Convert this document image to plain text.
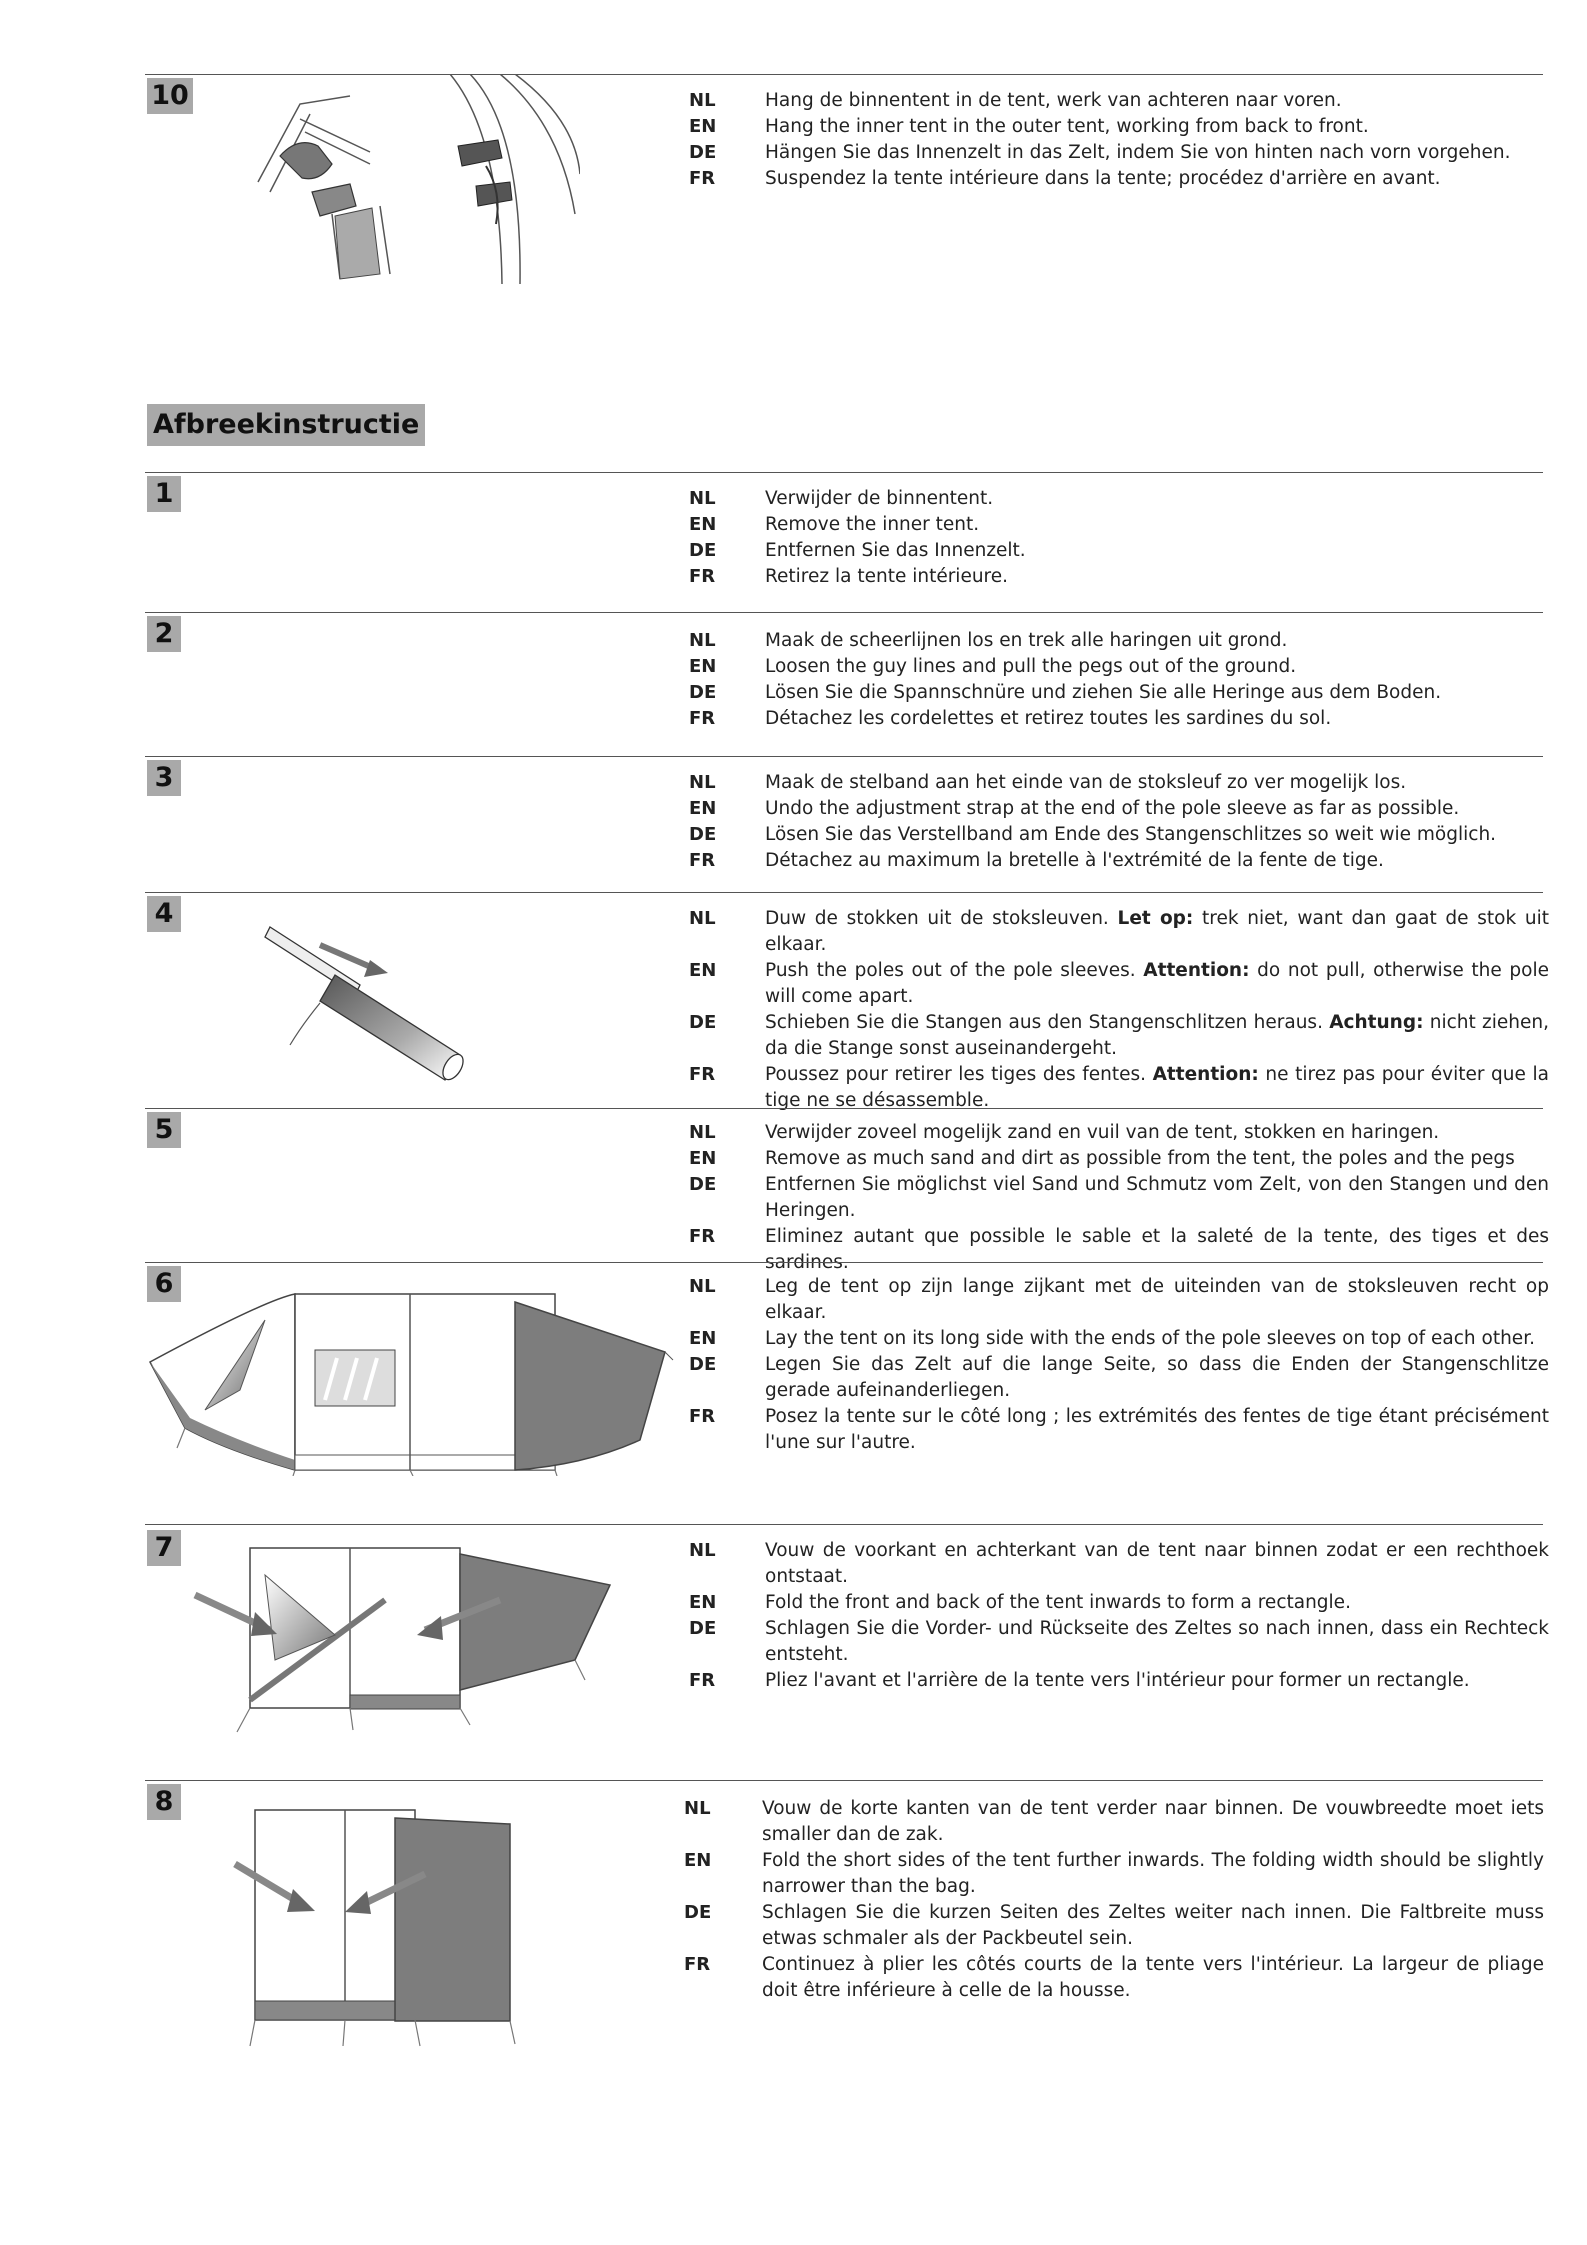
10	NL	Hang de binnentent in de tent, werk van achteren naar voren.
EN	Hang the inner tent in the outer tent, working from back to front.
DE	Hängen Sie das Innenzelt in das Zelt, indem Sie von hinten nach vorn vorgehen.
FR	Suspendez la tente intérieure dans la tente; procédez d'arrière en avant.
Afbreekinstructie
1	NL	Verwijder de binnentent.
EN	Remove the inner tent.
DE	Entfernen Sie das Innenzelt.
FR	Retirez la tente intérieure.
2	NL	Maak de scheerlijnen los en trek alle haringen uit grond.
EN	Loosen the guy lines and pull the pegs out of the ground.
DE	Lösen Sie die Spannschnüre und ziehen Sie alle Heringe aus dem Boden.
FR	Détachez les cordelettes et retirez toutes les sardines du sol.
3	NL	Maak de stelband aan het einde van de stoksleuf zo ver mogelijk los.
EN	Undo the adjustment strap at the end of the pole sleeve as far as possible.
DE	Lösen Sie das Verstellband am Ende des Stangenschlitzes so weit wie möglich.
FR	Détachez au maximum la bretelle à l'extrémité de la fente de tige.
4	NL	Duw de stokken uit de stoksleuven. Let op: trek niet, want dan gaat de stok uit elkaar.
EN	Push the poles out of the pole sleeves. Attention: do not pull, otherwise the pole will come apart.
DE	Schieben Sie die Stangen aus den Stangenschlitzen heraus. Achtung: nicht ziehen, da die Stange sonst auseinandergeht.
FR	Poussez pour retirer les tiges des fentes. Attention: ne tirez pas pour éviter que la tige ne se désassemble.
5	NL	Verwijder zoveel mogelijk zand en vuil van de tent, stokken en haringen.
EN	Remove as much sand and dirt as possible from the tent, the poles and the pegs
DE	Entfernen Sie möglichst viel Sand und Schmutz vom Zelt, von den Stangen und den Heringen.
FR	Eliminez autant que possible le sable et la saleté de la tente, des tiges et des sardines.
6	NL	Leg de tent op zijn lange zijkant met de uiteinden van de stoksleuven recht op elkaar.
EN	Lay the tent on its long side with the ends of the pole sleeves on top of each other.
DE	Legen Sie das Zelt auf die lange Seite, so dass die Enden der Stangenschlitze gerade aufeinanderliegen.
FR	Posez la tente sur le côté long ; les extrémités des fentes de tige étant précisément l'une sur l'autre.
7	NL	Vouw de voorkant en achterkant van de tent naar binnen zodat er een rechthoek ontstaat.
EN	Fold the front and back of the tent inwards to form a rectangle.
DE	Schlagen Sie die Vorder- und Rückseite des Zeltes so nach innen, dass ein Rechteck entsteht.
FR	Pliez l'avant et l'arrière de la tente vers l'intérieur pour former un rectangle.
8	NL	Vouw de korte kanten van de tent verder naar binnen. De vouwbreedte moet iets smaller dan de zak.
EN	Fold the short sides of the tent further inwards. The folding width should be slightly narrower than the bag.
DE	Schlagen Sie die kurzen Seiten des Zeltes weiter nach innen. Die Faltbreite muss etwas schmaler als der Packbeutel sein.
FR	Continuez à plier les côtés courts de la tente vers l'intérieur. La largeur de pliage doit être inférieure à celle de la housse.
